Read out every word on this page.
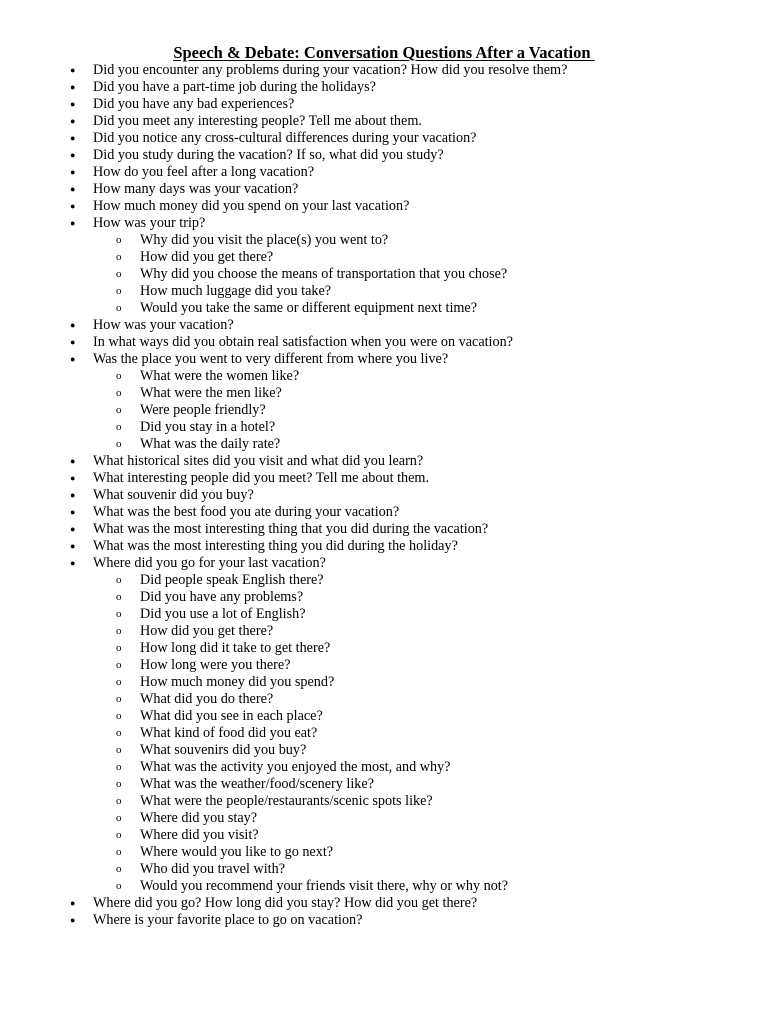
Speech & Debate: Conversation Questions After a Vacation
● Did you encounter any problems during your vacation? How did you resolve them?
● Did you have a part-time job during the holidays?
● Did you have any bad experiences?
● Did you meet any interesting people? Tell me about them.
● Did you notice any cross-cultural differences during your vacation?
● Did you study during the vacation? If so, what did you study?
● How do you feel after a long vacation?
● How many days was your vacation?
● How much money did you spend on your last vacation?
● How was your trip?
o Why did you visit the place(s) you went to?
o How did you get there?
o Why did you choose the means of transportation that you chose?
o How much luggage did you take?
o Would you take the same or different equipment next time?
● How was your vacation?
● In what ways did you obtain real satisfaction when you were on vacation?
● Was the place you went to very different from where you live?
o What were the women like?
o What were the men like?
o Were people friendly?
o Did you stay in a hotel?
o What was the daily rate?
● What historical sites did you visit and what did you learn?
● What interesting people did you meet? Tell me about them.
● What souvenir did you buy?
● What was the best food you ate during your vacation?
● What was the most interesting thing that you did during the vacation?
● What was the most interesting thing you did during the holiday?
● Where did you go for your last vacation?
o Did people speak English there?
o Did you have any problems?
o Did you use a lot of English?
o How did you get there?
o How long did it take to get there?
o How long were you there?
o How much money did you spend?
o What did you do there?
o What did you see in each place?
o What kind of food did you eat?
o What souvenirs did you buy?
o What was the activity you enjoyed the most, and why?
o What was the weather/food/scenery like?
o What were the people/restaurants/scenic spots like?
o Where did you stay?
o Where did you visit?
o Where would you like to go next?
o Who did you travel with?
o Would you recommend your friends visit there, why or why not?
● Where did you go? How long did you stay? How did you get there?
● Where is your favorite place to go on vacation?
